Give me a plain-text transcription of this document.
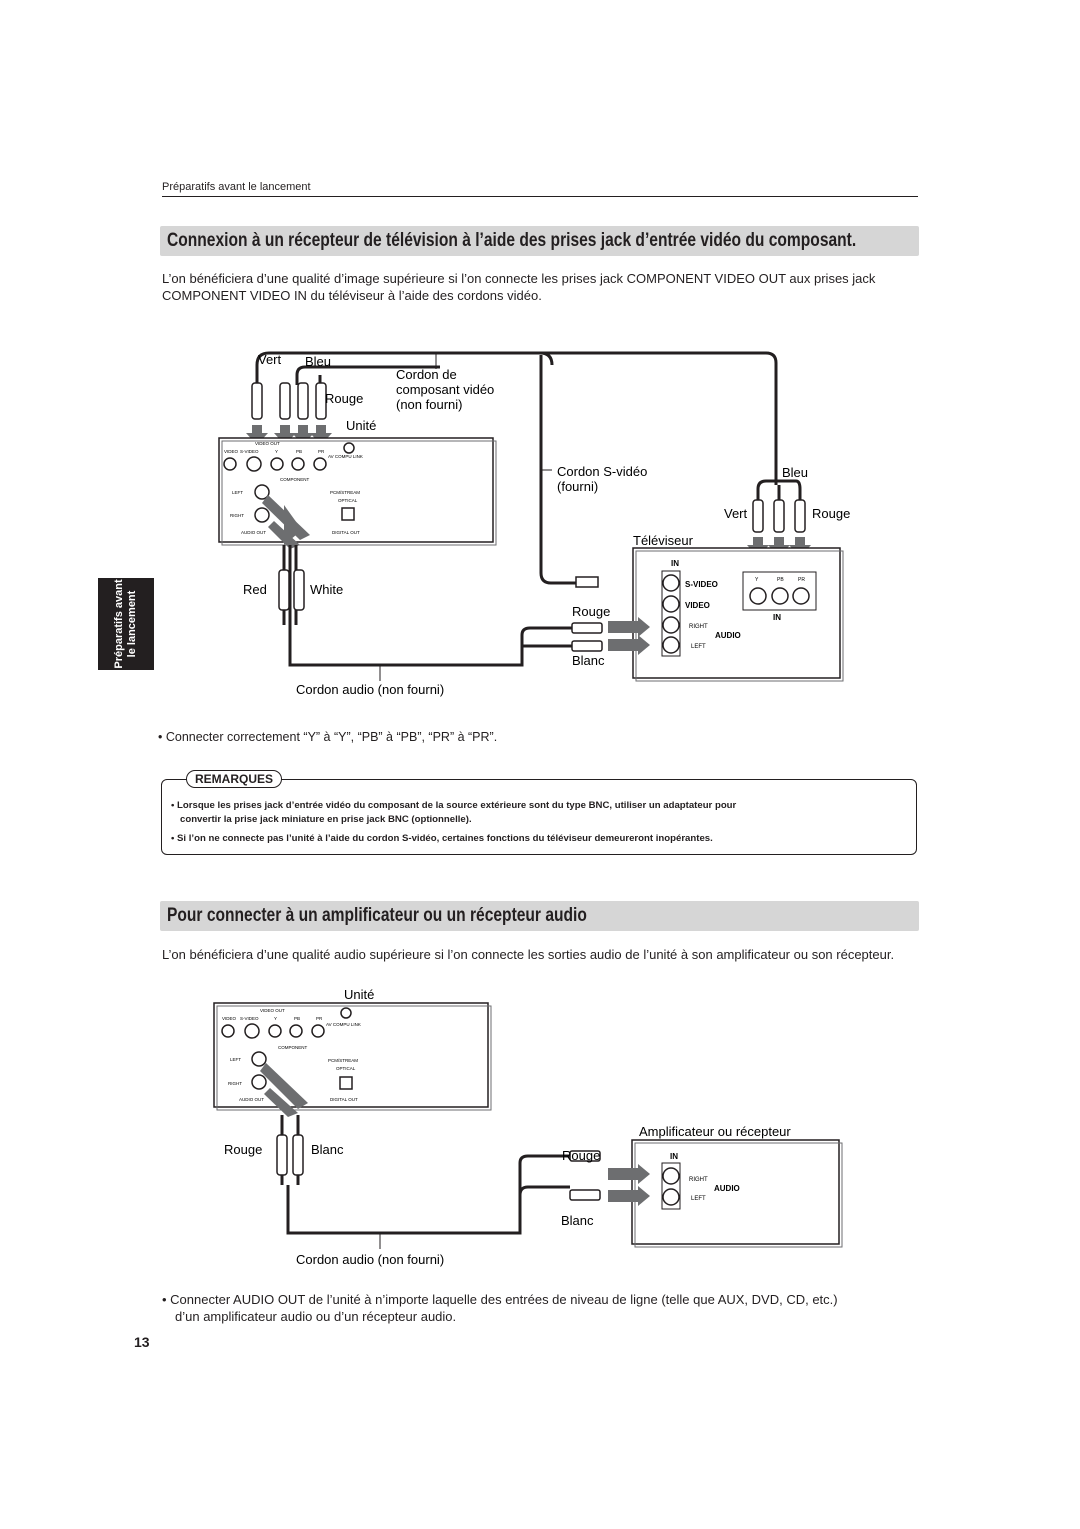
Préparatifs avant le lancement
Connexion à un récepteur de télévision à l’aide des prises jack d’entrée vidéo du composant.
L’on bénéficiera d’une qualité d’image supérieure si l’on connecte les prises jack COMPONENT VIDEO OUT aux prises jack COMPONENT VIDEO IN du téléviseur à l’aide des cordons vidéo.
Vert Bleu
Rouge
Cordon de
composant vidéo
(non fourni)
Unité
VIDEO OUT
VIDEO S-VIDEO	Y	PB	PR
AV COMPU LINK
COMPONENT
LEFT
RIGHT
PCM/STREAM
OPTICAL
AUDIO OUT	DIGITAL OUT
Red	White
Cordon audio (non fourni)
Cordon S-vidéo
(fourni)
Bleu
Vert	Rouge
Téléviseur
IN
S-VIDEO
VIDEO
RIGHT
AUDIO
LEFT
Y	PB	PR
IN
Rouge
Blanc
Préparatifs avant le lancement
• Connecter correctement “Y” à “Y”, “PB” à “PB”, “PR” à “PR”.
REMARQUES
• Lorsque les prises jack d’entrée vidéo du composant de la source extérieure sont du type BNC, utiliser un adaptateur pour
convertir la prise jack miniature en prise jack BNC (optionnelle).
• Si l’on ne connecte pas l’unité à l’aide du cordon S-vidéo, certaines fonctions du téléviseur demeureront inopérantes.
Pour connecter à un amplificateur ou un récepteur audio
L’on bénéficiera d’une qualité audio supérieure si l’on connecte les sorties audio de l’unité à son amplificateur ou son récepteur.
Unité
VIDEO OUT
VIDEO S-VIDEO	Y	PB	PR
AV COMPU LINK
COMPONENT
LEFT
RIGHT
PCM/STREAM
OPTICAL
AUDIO OUT	DIGITAL OUT
Rouge	Blanc
Cordon audio (non fourni)
Amplificateur ou récepteur
IN
RIGHT
AUDIO
LEFT
Rouge
Blanc
• Connecter AUDIO OUT de l’unité à n’importe laquelle des entrées de niveau de ligne (telle que AUX, DVD, CD, etc.)
d’un amplificateur audio ou d’un récepteur audio.
13
